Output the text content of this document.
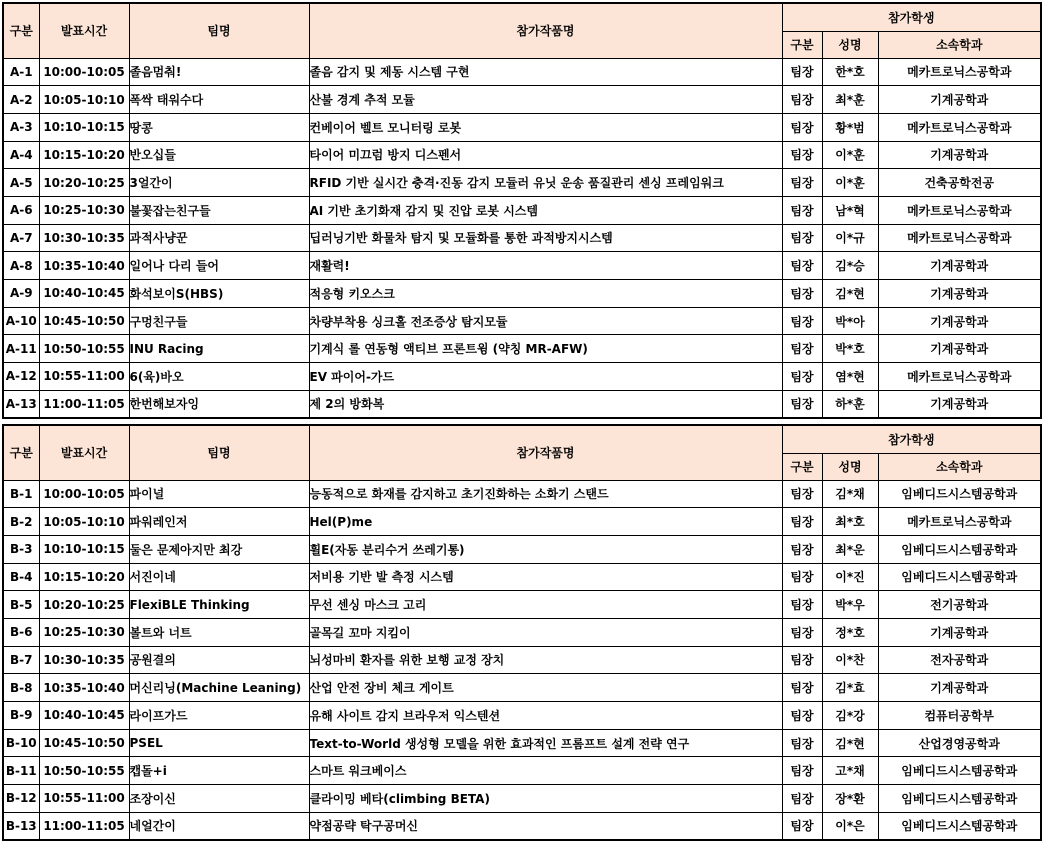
구분	발표시간	팀명	참가작품명	참가학생		
				구분	성명	소속학과
A-1	10:00-10:05	졸음멈춰!	졸음 감지 및 제동 시스템 구현	팀장	한*호	메카트로닉스공학과
A-2	10:05-10:10	폭싹 태워수다	산불 경계 추적 모듈	팀장	최*훈	기계공학과
A-3	10:10-10:15	땅콩	컨베이어 벨트 모니터링 로봇	팀장	황*범	메카트로닉스공학과
A-4	10:15-10:20	반오십들	타이어 미끄럼 방지 디스펜서	팀장	이*훈	기계공학과
A-5	10:20-10:25	3얼간이	RFID 기반 실시간 충격·진동 감지 모듈러 유닛 운송 품질관리 센싱 프레임워크	팀장	이*훈	건축공학전공
A-6	10:25-10:30	불꽃잡는친구들	AI 기반 초기화재 감지 및 진압 로봇 시스템	팀장	남*혁	메카트로닉스공학과
A-7	10:30-10:35	과적사냥꾼	딥러닝기반 화물차 탐지 및 모듈화를 통한 과적방지시스템	팀장	이*규	메카트로닉스공학과
A-8	10:35-10:40	일어나 다리 들어	재활력!	팀장	김*승	기계공학과
A-9	10:40-10:45	화석보이S(HBS)	적응형 키오스크	팀장	김*현	기계공학과
A-10	10:45-10:50	구멍친구들	차량부착용 싱크홀 전조증상 탐지모듈	팀장	박*아	기계공학과
A-11	10:50-10:55	INU Racing	기계식 롤 연동형 액티브 프론트윙 (약칭 MR-AFW)	팀장	박*호	기계공학과
A-12	10:55-11:00	6(육)바오	EV 파이어-가드	팀장	염*현	메카트로닉스공학과
A-13	11:00-11:05	한번해보자잉	제 2의 방화복	팀장	하*훈	기계공학과
구분	발표시간	팀명	참가작품명	참가학생		
				구분	성명	소속학과
B-1	10:00-10:05	파이널	능동적으로 화재를 감지하고 초기진화하는 소화기 스탠드	팀장	김*채	임베디드시스템공학과
B-2	10:05-10:10	파워레인저	Hel(P)me	팀장	최*호	메카트로닉스공학과
B-3	10:10-10:15	둘은 문제아지만 최강	휠E(자동 분리수거 쓰레기통)	팀장	최*운	임베디드시스템공학과
B-4	10:15-10:20	서진이네	저비용 기반 발 측정 시스템	팀장	이*진	임베디드시스템공학과
B-5	10:20-10:25	FlexiBLE Thinking	무선 센싱 마스크 고리	팀장	박*우	전기공학과
B-6	10:25-10:30	볼트와 너트	골목길 꼬마 지킴이	팀장	정*호	기계공학과
B-7	10:30-10:35	공원결의	뇌성마비 환자를 위한 보행 교정 장치	팀장	이*찬	전자공학과
B-8	10:35-10:40	머신리닝(Machine Leaning)	산업 안전 장비 체크 게이트	팀장	김*효	기계공학과
B-9	10:40-10:45	라이프가드	유해 사이트 감지 브라우저 익스텐션	팀장	김*강	컴퓨터공학부
B-10	10:45-10:50	PSEL	Text-to-World 생성형 모델을 위한 효과적인 프롬프트 설계 전략 연구	팀장	김*현	산업경영공학과
B-11	10:50-10:55	캡돌+i	스마트 워크베이스	팀장	고*채	임베디드시스템공학과
B-12	10:55-11:00	조장이신	클라이밍 베타(climbing BETA)	팀장	장*환	임베디드시스템공학과
B-13	11:00-11:05	네얼간이	약점공략 탁구공머신	팀장	이*은	임베디드시스템공학과
